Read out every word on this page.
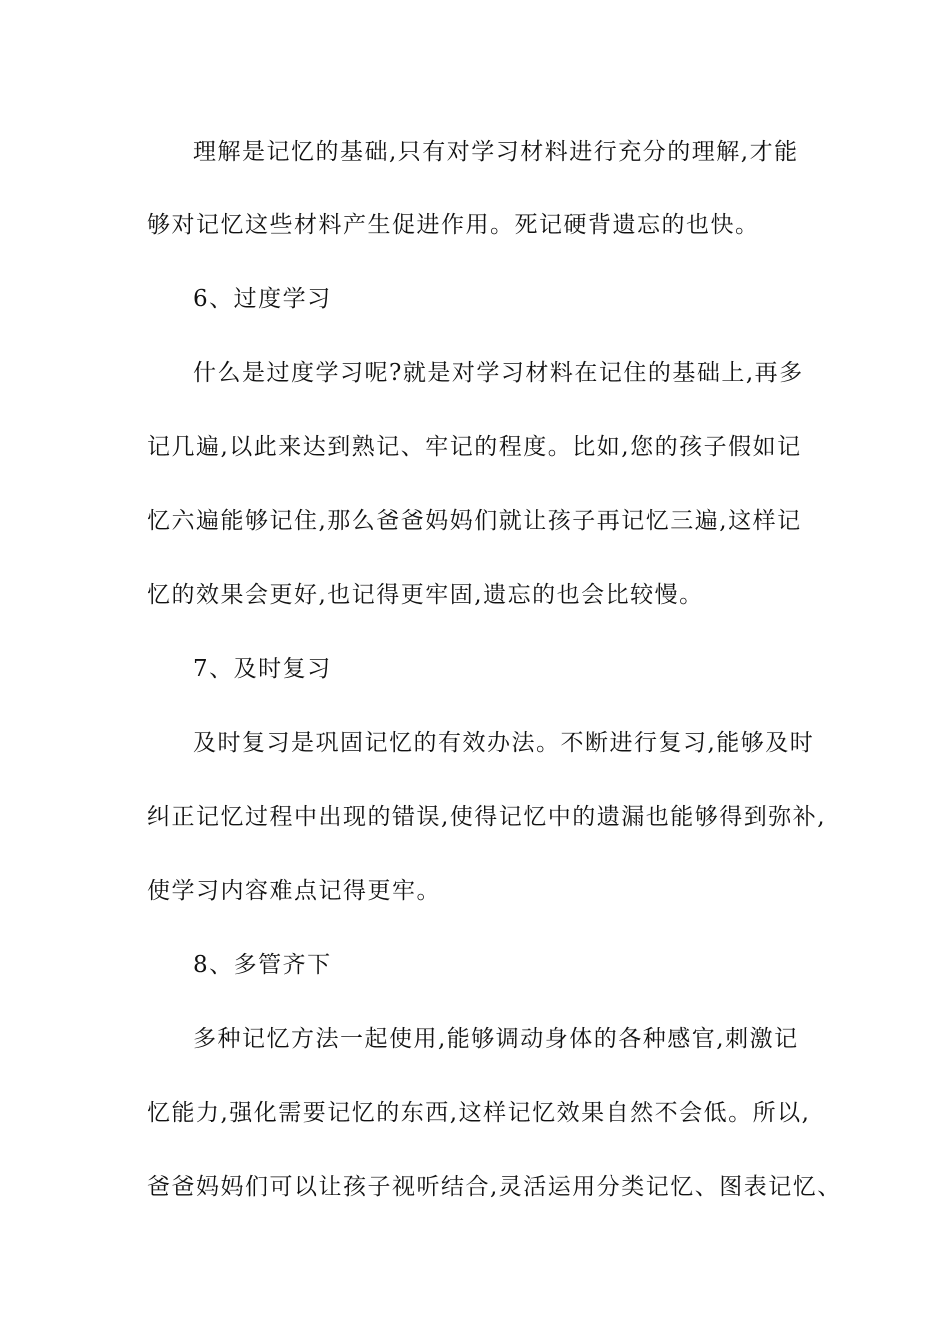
理解是记忆的基础,只有对学习材料进行充分的理解,才能
够对记忆这些材料产生促进作用。死记硬背遗忘的也快。
6、过度学习
什么是过度学习呢?就是对学习材料在记住的基础上,再多
记几遍,以此来达到熟记、牢记的程度。比如,您的孩子假如记
忆六遍能够记住,那么爸爸妈妈们就让孩子再记忆三遍,这样记
忆的效果会更好,也记得更牢固,遗忘的也会比较慢。
7、及时复习
及时复习是巩固记忆的有效办法。不断进行复习,能够及时
纠正记忆过程中出现的错误,使得记忆中的遗漏也能够得到弥补,
使学习内容难点记得更牢。
8、多管齐下
多种记忆方法一起使用,能够调动身体的各种感官,刺激记
忆能力,强化需要记忆的东西,这样记忆效果自然不会低。所以,
爸爸妈妈们可以让孩子视听结合,灵活运用分类记忆、图表记忆、
